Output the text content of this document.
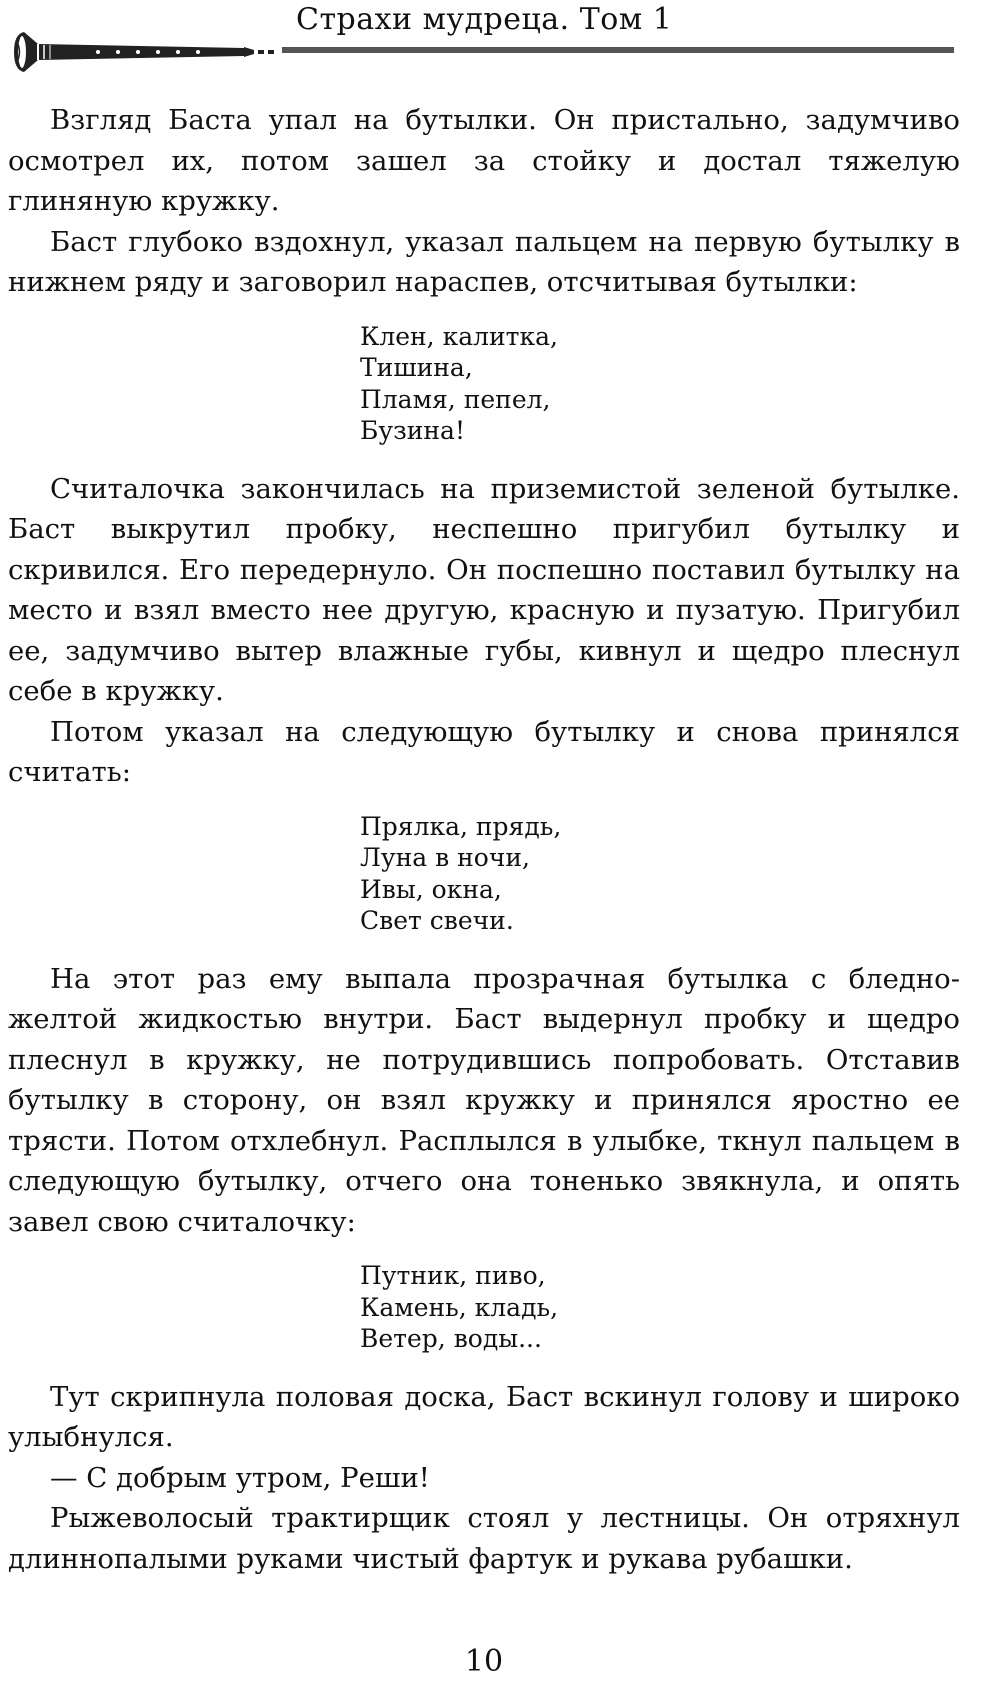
Страхи мудреца. Том 1

Взгляд Баста упал на бутылки. Он пристально, задумчиво осмотрел их, потом зашел за стойку и достал тяжелую глиняную кружку.

Баст глубоко вздохнул, указал пальцем на первую бутылку в нижнем ряду и заговорил нараспев, отсчитывая бутылки:

Клен, калитка,
Тишина,
Пламя, пепел,
Бузина!

Считалочка закончилась на приземистой зеленой бутылке. Баст выкрутил пробку, неспешно пригубил бутылку и скривился. Его передернуло. Он поспешно поставил бутылку на место и взял вместо нее другую, красную и пузатую. Пригубил ее, задумчиво вытер влажные губы, кивнул и щедро плеснул себе в кружку.

Потом указал на следующую бутылку и снова принялся считать:

Прялка, прядь,
Луна в ночи,
Ивы, окна,
Свет свечи.

На этот раз ему выпала прозрачная бутылка с бледно-желтой жидкостью внутри. Баст выдернул пробку и щедро плеснул в кружку, не потрудившись попробовать. Отставив бутылку в сторону, он взял кружку и принялся яростно ее трясти. Потом отхлебнул. Расплылся в улыбке, ткнул пальцем в следующую бутылку, отчего она тоненько звякнула, и опять завел свою считалочку:

Путник, пиво,
Камень, кладь,
Ветер, воды...

Тут скрипнула половая доска, Баст вскинул голову и широко улыбнулся.

— С добрым утром, Реши!

Рыжеволосый трактирщик стоял у лестницы. Он отряхнул длиннопалыми руками чистый фартук и рукава рубашки.

10
